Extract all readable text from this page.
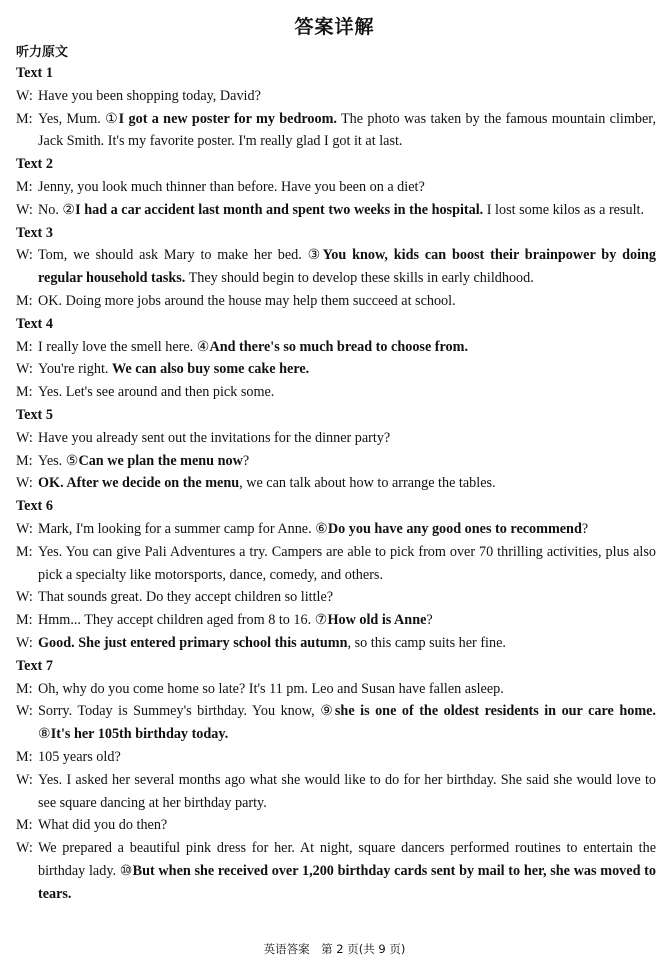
答案详解
听力原文
Text 1
W: Have you been shopping today, David?
M: Yes, Mum. ①I got a new poster for my bedroom. The photo was taken by the famous mountain climber, Jack Smith. It's my favorite poster. I'm really glad I got it at last.
Text 2
M: Jenny, you look much thinner than before. Have you been on a diet?
W: No. ②I had a car accident last month and spent two weeks in the hospital. I lost some kilos as a result.
Text 3
W: Tom, we should ask Mary to make her bed. ③You know, kids can boost their brainpower by doing regular household tasks. They should begin to develop these skills in early childhood.
M: OK. Doing more jobs around the house may help them succeed at school.
Text 4
M: I really love the smell here. ④And there's so much bread to choose from.
W: You're right. We can also buy some cake here.
M: Yes. Let's see around and then pick some.
Text 5
W: Have you already sent out the invitations for the dinner party?
M: Yes. ⑤Can we plan the menu now?
W: OK. After we decide on the menu, we can talk about how to arrange the tables.
Text 6
W: Mark, I'm looking for a summer camp for Anne. ⑥Do you have any good ones to recommend?
M: Yes. You can give Pali Adventures a try. Campers are able to pick from over 70 thrilling activities, plus also pick a specialty like motorsports, dance, comedy, and others.
W: That sounds great. Do they accept children so little?
M: Hmm... They accept children aged from 8 to 16. ⑦How old is Anne?
W: Good. She just entered primary school this autumn, so this camp suits her fine.
Text 7
M: Oh, why do you come home so late? It's 11 pm. Leo and Susan have fallen asleep.
W: Sorry. Today is Summey's birthday. You know, ⑨she is one of the oldest residents in our care home. ⑧It's her 105th birthday today.
M: 105 years old?
W: Yes. I asked her several months ago what she would like to do for her birthday. She said she would love to see square dancing at her birthday party.
M: What did you do then?
W: We prepared a beautiful pink dress for her. At night, square dancers performed routines to entertain the birthday lady. ⑩But when she received over 1,200 birthday cards sent by mail to her, she was moved to tears.
英语答案　第 2 页(共 9 页)
